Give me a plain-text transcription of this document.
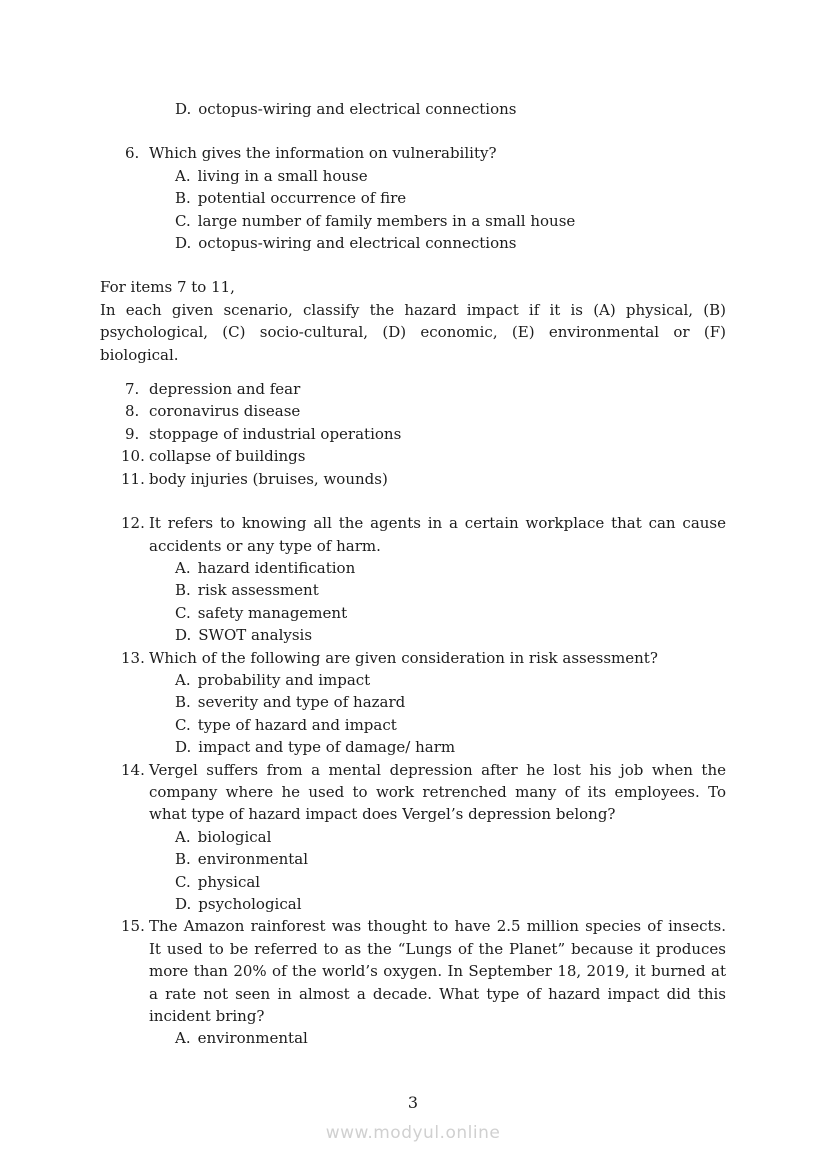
D. octopus-wiring and electrical connections
6. Which gives the information on vulnerability?
A. living in a small house
B. potential occurrence of fire
C. large number of family members in a small house
D. octopus-wiring and electrical connections

For items 7 to 11,

In each given scenario, classify the hazard impact if it is (A) physical, (B) psychological, (C) socio-cultural, (D) economic, (E) environmental or (F) biological.

7. depression and fear
8. coronavirus disease
9. stoppage of industrial operations
10. collapse of buildings
11. body injuries (bruises, wounds)
12. It refers to knowing all the agents in a certain workplace that can cause accidents or any type of harm.
A. hazard identification
B. risk assessment
C. safety management
D. SWOT analysis
13. Which of the following are given consideration in risk assessment?
A. probability and impact
B. severity and type of hazard
C. type of hazard and impact
D. impact and type of damage/ harm
14. Vergel suffers from a mental depression after he lost his job when the company where he used to work retrenched many of its employees. To what type of hazard impact does Vergel’s depression belong?
A. biological
B. environmental
C. physical
D. psychological
15. The Amazon rainforest was thought to have 2.5 million species of insects. It used to be referred to as the “Lungs of the Planet” because it produces more than 20% of the world’s oxygen. In September 18, 2019, it burned at a rate not seen in almost a decade. What type of hazard impact did this incident bring?
A. environmental
3
www.modyul.online
